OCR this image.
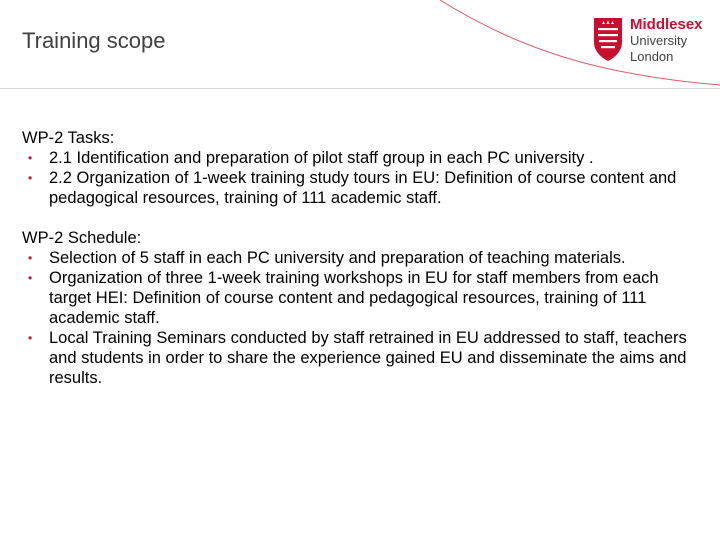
Training scope
Middlesex
University
London
WP-2 Tasks:
• 2.1 Identification and preparation of pilot staff group in each PC university .
• 2.2 Organization of 1-week training study tours in EU: Definition of course content and pedagogical resources, training of 111 academic staff.
WP-2 Schedule:
• Selection of 5 staff in each PC university and preparation of teaching materials.
• Organization of three 1-week training workshops in EU for staff members from each target HEI: Definition of course content and pedagogical resources, training of 111 academic staff.
• Local Training Seminars conducted by staff retrained in EU addressed to staff, teachers and students in order to share the experience gained EU and disseminate the aims and results.
